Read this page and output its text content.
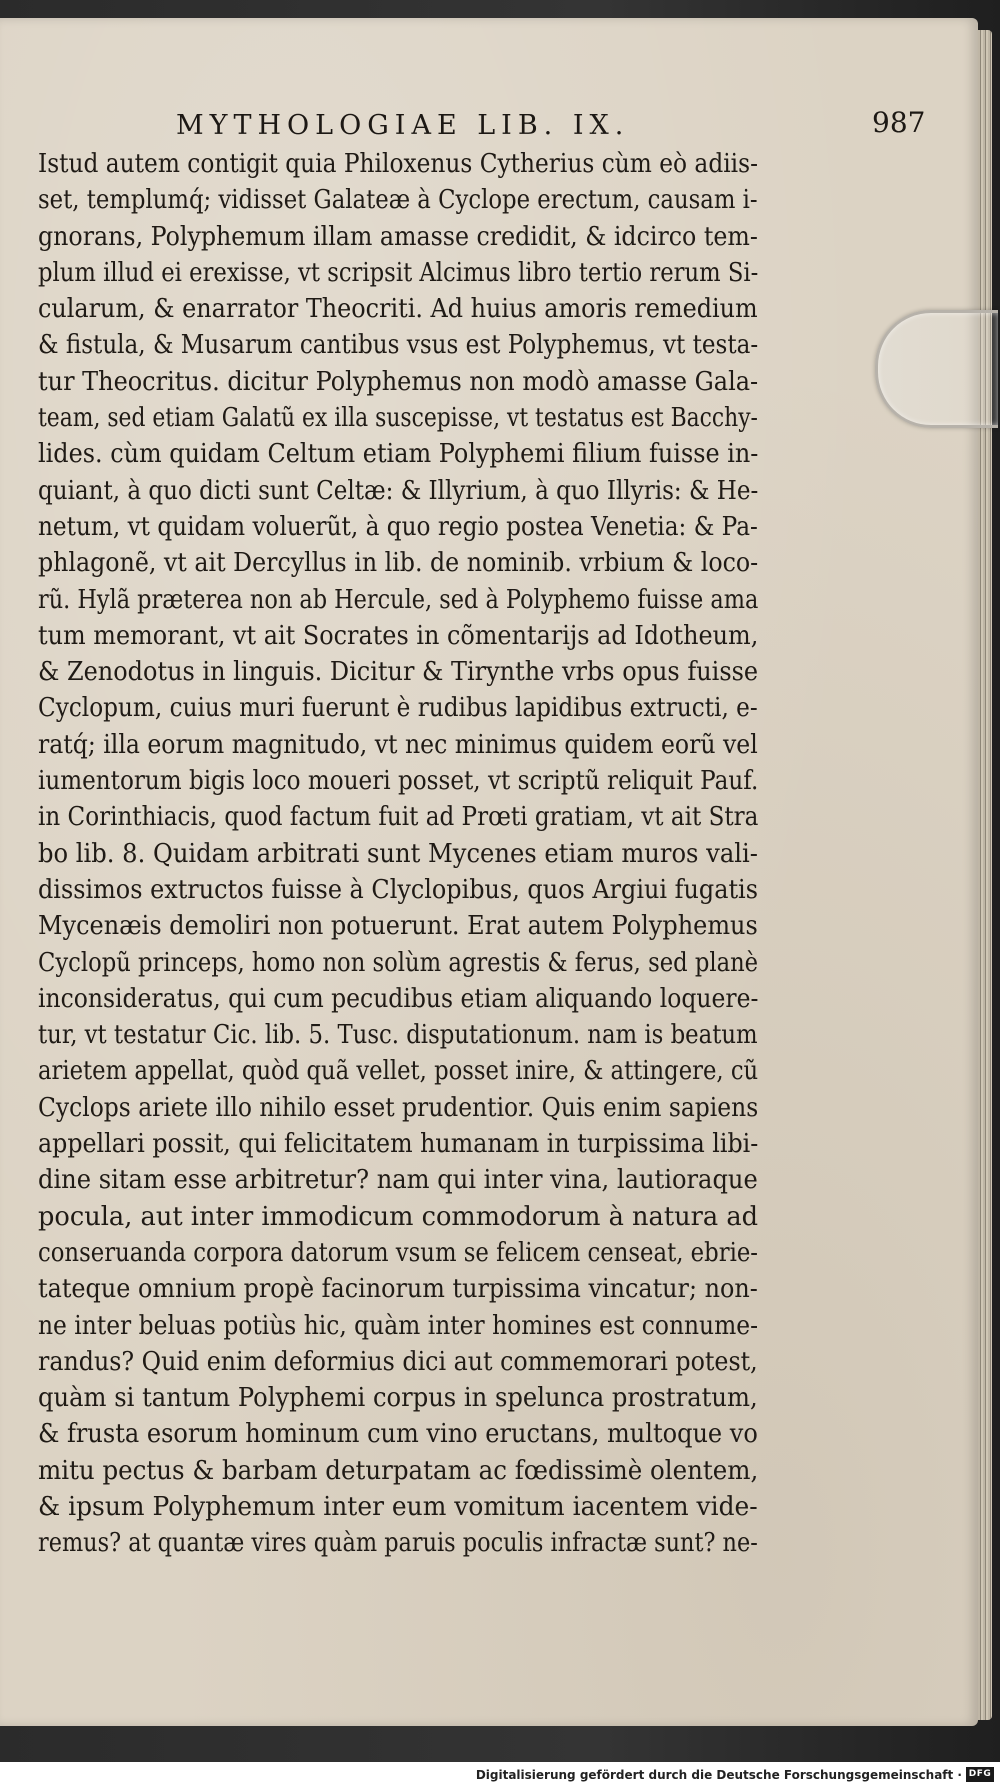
MYTHOLOGIAE LIB. IX.	987
Istud autem contigit quia Philoxenus Cytherius cùm eò adiis-
set, templumq́; vidisset Galateæ à Cyclope erectum, causam i-
gnorans, Polyphemum illam amasse credidit, & idcirco tem-
plum illud ei erexisse, vt scripsit Alcimus libro tertio rerum Si-
cularum, & enarrator Theocriti. Ad huius amoris remedium
& fistula, & Musarum cantibus vsus est Polyphemus, vt testa-
tur Theocritus. dicitur Polyphemus non modò amasse Gala-
team, sed etiam Galatũ ex illa suscepisse, vt testatus est Bacchy-
lides. cùm quidam Celtum etiam Polyphemi filium fuisse in-
quiant, à quo dicti sunt Celtæ: & Illyrium, à quo Illyris: & He-
netum, vt quidam voluerũt, à quo regio postea Venetia: & Pa-
phlagonẽ, vt ait Dercyllus in lib. de nominib. vrbium & loco-
rũ. Hylã præterea non ab Hercule, sed à Polyphemo fuisse ama
tum memorant, vt ait Socrates in cõmentarijs ad Idotheum,
& Zenodotus in linguis. Dicitur & Tirynthe vrbs opus fuisse
Cyclopum, cuius muri fuerunt è rudibus lapidibus extructi, e-
ratq́; illa eorum magnitudo, vt nec minimus quidem eorũ vel
iumentorum bigis loco moueri posset, vt scriptũ reliquit Pauf.
in Corinthiacis, quod factum fuit ad Prœti gratiam, vt ait Stra
bo lib. 8. Quidam arbitrati sunt Mycenes etiam muros vali-
dissimos extructos fuisse à Clyclopibus, quos Argiui fugatis
Mycenæis demoliri non potuerunt. Erat autem Polyphemus
Cyclopũ princeps, homo non solùm agrestis & ferus, sed planè
inconsideratus, qui cum pecudibus etiam aliquando loquere-
tur, vt testatur Cic. lib. 5. Tusc. disputationum. nam is beatum
arietem appellat, quòd quã vellet, posset inire, & attingere, cũ
Cyclops ariete illo nihilo esset prudentior. Quis enim sapiens
appellari possit, qui felicitatem humanam in turpissima libi-
dine sitam esse arbitretur? nam qui inter vina, lautioraque
pocula, aut inter immodicum commodorum à natura ad
conseruanda corpora datorum vsum se felicem censeat, ebrie-
tateque omnium propè facinorum turpissima vincatur; non-
ne inter beluas potiùs hic, quàm inter homines est connume-
randus? Quid enim deformius dici aut commemorari potest,
quàm si tantum Polyphemi corpus in spelunca prostratum,
& frusta esorum hominum cum vino eructans, multoque vo
mitu pectus & barbam deturpatam ac fœdissimè olentem,
& ipsum Polyphemum inter eum vomitum iacentem vide-
remus? at quantæ vires quàm paruis poculis infractæ sunt? ne-
Digitalisierung gefördert durch die Deutsche Forschungsgemeinschaft · DFG
